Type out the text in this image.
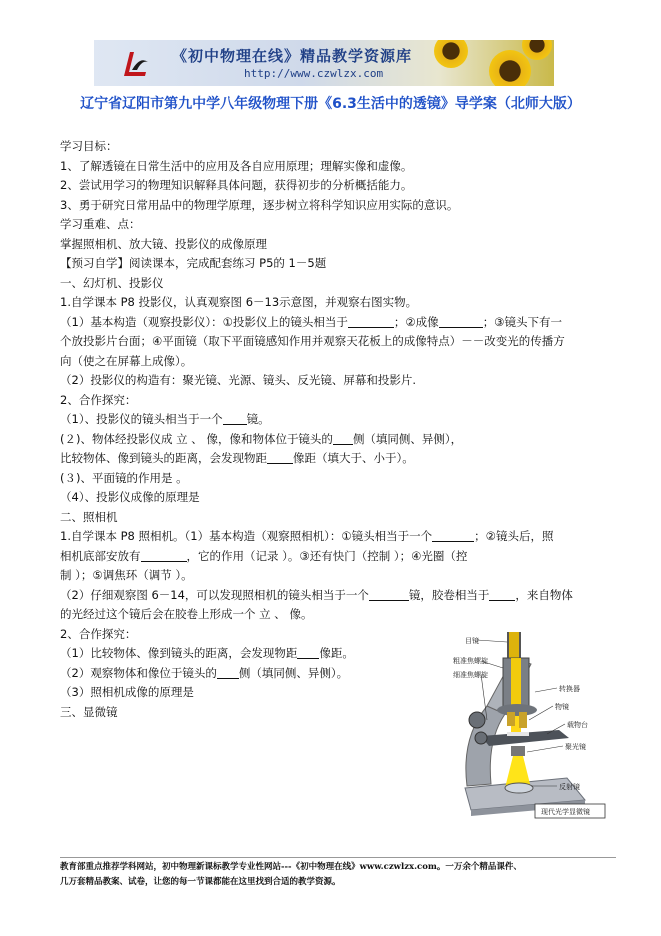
《初中物理在线》精品教学资源库
http://www.czwlzx.com
辽宁省辽阳市第九中学八年级物理下册《6.3生活中的透镜》导学案（北师大版）

学习目标：

1、了解透镜在日常生活中的应用及各自应用原理；理解实像和虚像。

2、尝试用学习的物理知识解释具体问题，获得初步的分析概括能力。

3、勇于研究日常用品中的物理学原理，逐步树立将科学知识应用实际的意识。

学习重难、点：

掌握照相机、放大镜、投影仪的成像原理

【预习自学】阅读课本，完成配套练习 P5的 1－5题

一、幻灯机、投影仪

1.自学课本 P8 投影仪，认真观察图 6－13示意图，并观察右图实物。

（1）基本构造（观察投影仪）：①投影仪上的镜头相当于	；②成像	；③镜头下有一

个放投影片台面；④平面镜（取下平面镜感知作用并观察天花板上的成像特点）－－改变光的传播方

向（使之在屏幕上成像）。

（2）投影仪的构造有：聚光镜、光源、镜头、反光镜、屏幕和投影片.

2、合作探究：

（1）、投影仪的镜头相当于一个 镜。

(２)、物体经投影仪成 立 、 像，像和物体位于镜头的 侧（填同侧、异侧），

比较物体、像到镜头的距离，会发现物距 像距（填大于、小于）。

(３)、平面镜的作用是 。

（4）、投影仪成像的原理是

二、照相机

1.自学课本 P8 照相机。（1）基本构造（观察照相机）：①镜头相当于一个	；②镜头后，照

相机底部安放有	，它的作用（记录 ）。③还有快门（控制 ）；④光圈（控

制 ）；⑤调焦环（调节 ）。

（2）仔细观察图 6－14，可以发现照相机的镜头相当于一个	镜，胶卷相当于 ，来自物体

的光经过这个镜后会在胶卷上形成一个 立 、 像。

2、合作探究：

（1）比较物体、像到镜头的距离，会发现物距 像距。

（2）观察物体和像位于镜头的 侧（填同侧、异侧）。

（3）照相机成像的原理是

三、显微镜

目镜
粗准焦螺旋
细准焦螺旋
转换器
物镜
载物台
聚光镜
反射镜
现代光学显微镜
教育部重点推荐学科网站，初中物理新课标教学专业性网站---《初中物理在线》www.czwlzx.com。一万余个精品课件、
几万套精品教案、试卷，让您的每一节课都能在这里找到合适的教学资源。
